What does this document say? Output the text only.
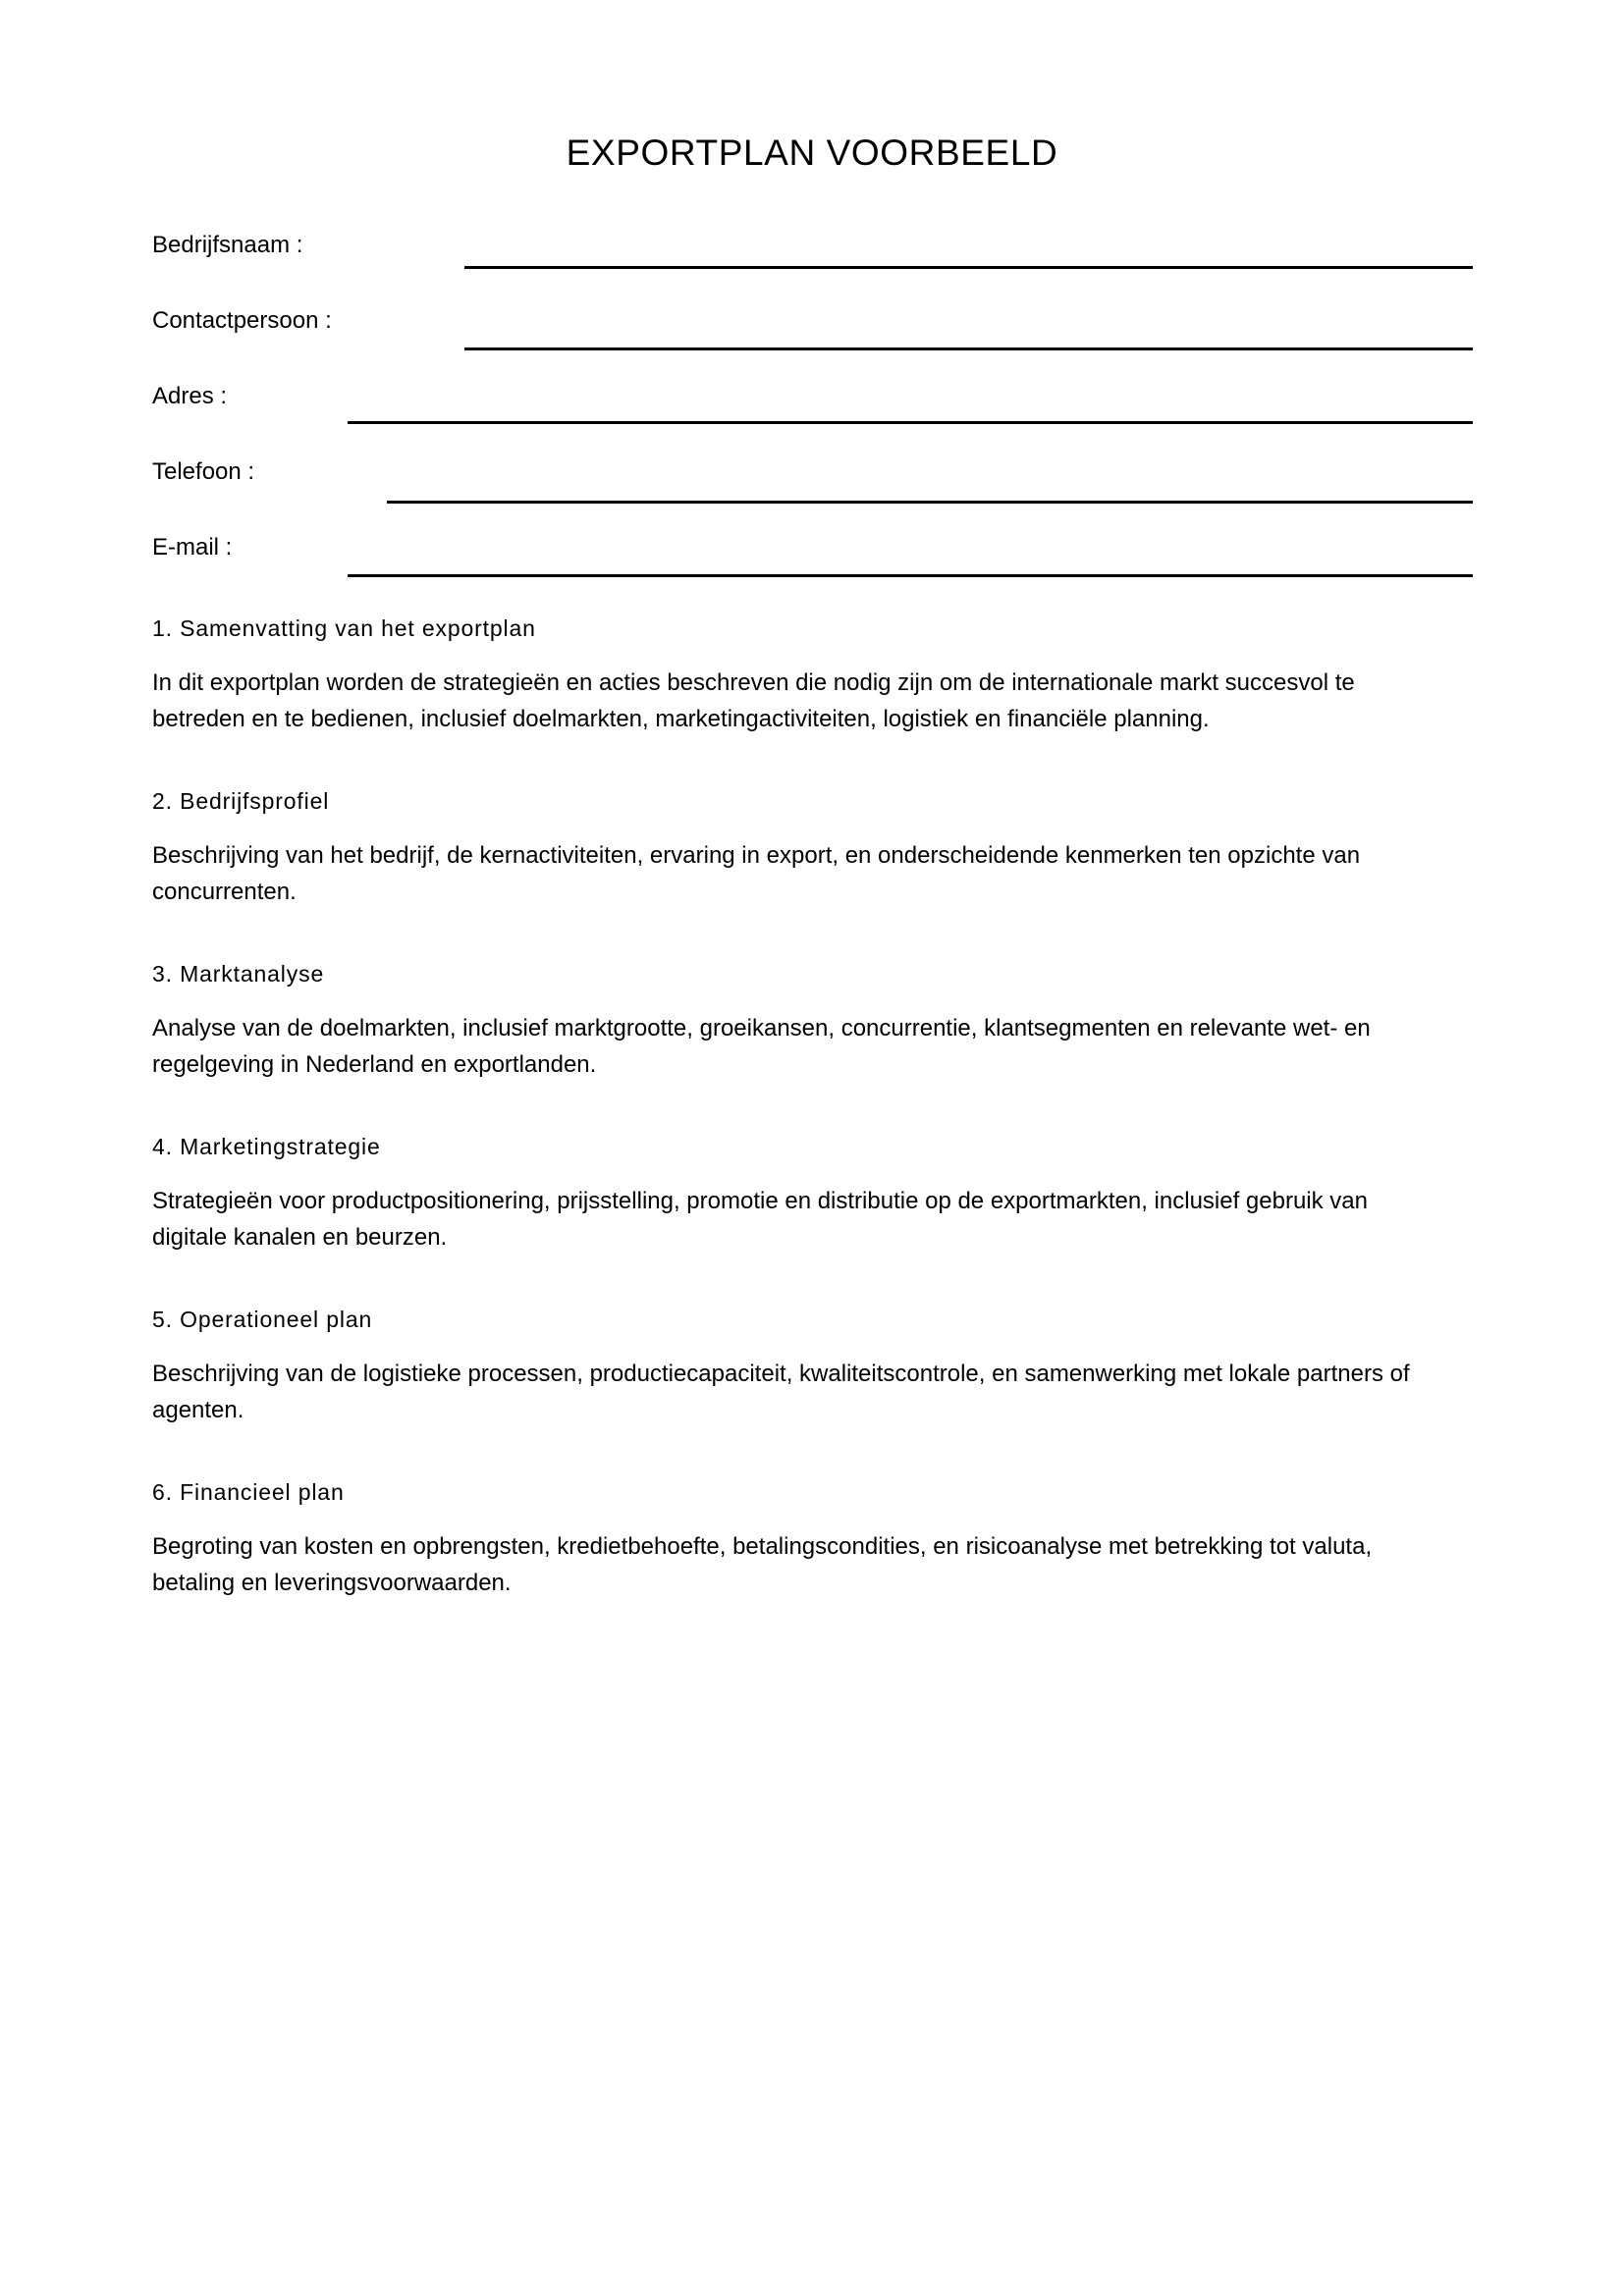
EXPORTPLAN VOORBEELD
Bedrijfsnaam :
Contactpersoon :
Adres :
Telefoon :
E-mail :
1. Samenvatting van het exportplan

In dit exportplan worden de strategieën en acties beschreven die nodig zijn om de internationale markt succesvol te betreden en te bedienen, inclusief doelmarkten, marketingactiviteiten, logistiek en financiële planning.

2. Bedrijfsprofiel

Beschrijving van het bedrijf, de kernactiviteiten, ervaring in export, en onderscheidende kenmerken ten opzichte van concurrenten.

3. Marktanalyse

Analyse van de doelmarkten, inclusief marktgrootte, groeikansen, concurrentie, klantsegmenten en relevante wet- en regelgeving in Nederland en exportlanden.

4. Marketingstrategie

Strategieën voor productpositionering, prijsstelling, promotie en distributie op de exportmarkten, inclusief gebruik van digitale kanalen en beurzen.

5. Operationeel plan

Beschrijving van de logistieke processen, productiecapaciteit, kwaliteitscontrole, en samenwerking met lokale partners of agenten.

6. Financieel plan

Begroting van kosten en opbrengsten, kredietbehoefte, betalingscondities, en risicoanalyse met betrekking tot valuta, betaling en leveringsvoorwaarden.
